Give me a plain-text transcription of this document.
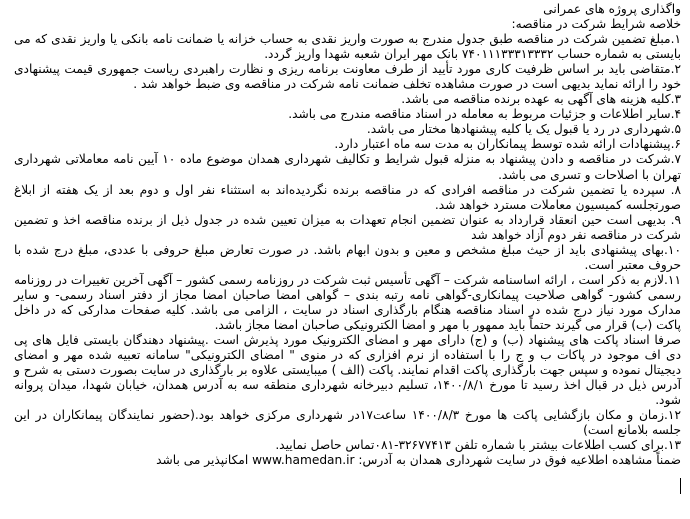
واگذاری پروژه های عمرانی
خلاصه شرایط شرکت در مناقصه:
۱.مبلغ تضمین شرکت در مناقصه طبق جدول مندرج به صورت واریز نقدی به حساب خزانه یا ضمانت نامه بانکی یا واریز نقدی که می بایستی به شماره حساب ۷۴۰۱۱۱۳۳۳۱۳۳۳۲ بانک مهر ایران شعبه شهدا واریز گردد.
۲.متقاضی باید بر اساس ظرفیت کاری مورد تأیید از طرف معاونت برنامه ریزی و نظارت راهبردی ریاست جمهوری قیمت پیشنهادی خود را ارائه نماید بدیهی است در صورت مشاهده تخلف ضمانت نامه شرکت در مناقصه وی ضبط خواهد شد .
۳.کلیه هزینه های آگهی به عهده برنده مناقصه می باشد.
۴.سایر اطلاعات و جزئیات مربوط به معامله در اسناد مناقصه مندرج می باشد.
۵.شهرداری در رد یا قبول یک یا کلیه پیشنهادها مختار می باشد.
۶.پیشنهادات ارائه شده توسط پیمانکاران به مدت سه ماه اعتبار دارد.
۷.شرکت در مناقصه و دادن پیشنهاد به منزله قبول شرایط و تکالیف شهرداری همدان موضوع ماده ۱۰ آیین نامه معاملاتی شهرداری تهران با اصلاحات و تسری می باشد.
۸. سپرده یا تضمین شرکت در مناقصه افرادی که در مناقصه برنده نگردیده‌اند به استثناء نفر اول و دوم بعد از یک هفته از ابلاغ صورتجلسه کمیسیون معاملات مسترد خواهد شد.
۹. بدیهی است حین انعقاد قرارداد به عنوان تضمین انجام تعهدات به میزان تعیین شده در جدول ذیل از برنده مناقصه اخذ و تضمین شرکت در مناقصه نفر دوم آزاد خواهد شد
۱۰.بهای پیشنهادی باید از حیث مبلغ مشخص و معین و بدون ابهام باشد. در صورت تعارض مبلغ حروفی با عددی، مبلغ درج شده با حروف معتبر است.
۱۱.لازم به ذکر است ، ارائه اساسنامه شرکت – آگهی تأسیس ثبت شرکت در روزنامه رسمی کشور – آگهی آخرین تغییرات در روزنامه رسمی کشور- گواهی صلاحیت پیمانکاری-گواهی نامه رتبه بندی – گواهی امضا صاحبان امضا مجاز از دفتر اسناد رسمی- و سایر مدارک مورد نیاز درج شده در اسناد مناقصه هنگام بارگذاری اسناد در سایت ، الزامی می باشد. کلیه صفحات مدارکی که در داخل پاکت (ب) قرار می گیرند حتماً باید ممهور با مهر و امضا الکترونیکی صاحبان امضا مجاز باشد.
صرفا اسناد پاکت های پیشنهاد (ب) و (ج) دارای مهر و امضای الکترونیک مورد پذیرش است .پیشنهاد دهندگان بایستی فایل های پی دی اف موجود در پاکات ب و ج را با استفاده از نرم افزاری که در منوی " امضای الکترونیکی" سامانه تعبیه شده مهر و امضای دیجیتال نموده و سپس جهت بارگذاری پاکت اقدام نمایند. پاکت (الف ) میبایستی علاوه بر بارگذاری در سایت بصورت دستی به شرح و آدرس ذیل در قبال اخذ رسید تا مورخ ۱۴۰۰/۸/۱، تسلیم دبیرخانه شهرداری منطقه سه به آدرس همدان، خیابان شهدا، میدان پروانه شود.
۱۲.زمان و مکان بازگشایی پاکت ها مورخ ۱۴۰۰/۸/۳ ساعت۱۷در شهرداری مرکزی خواهد بود.(حضور نمایندگان پیمانکاران در این جلسه بلامانع است)
۱۳.برای کسب اطلاعات بیشتر با شماره تلفن ۳۲۶۷۷۴۱۳-۰۸۱تماس حاصل نمایید.
ضمناً مشاهده اطلاعیه فوق در سایت شهرداری همدان به آدرس: www.hamedan.ir امکانپذیر می باشد
